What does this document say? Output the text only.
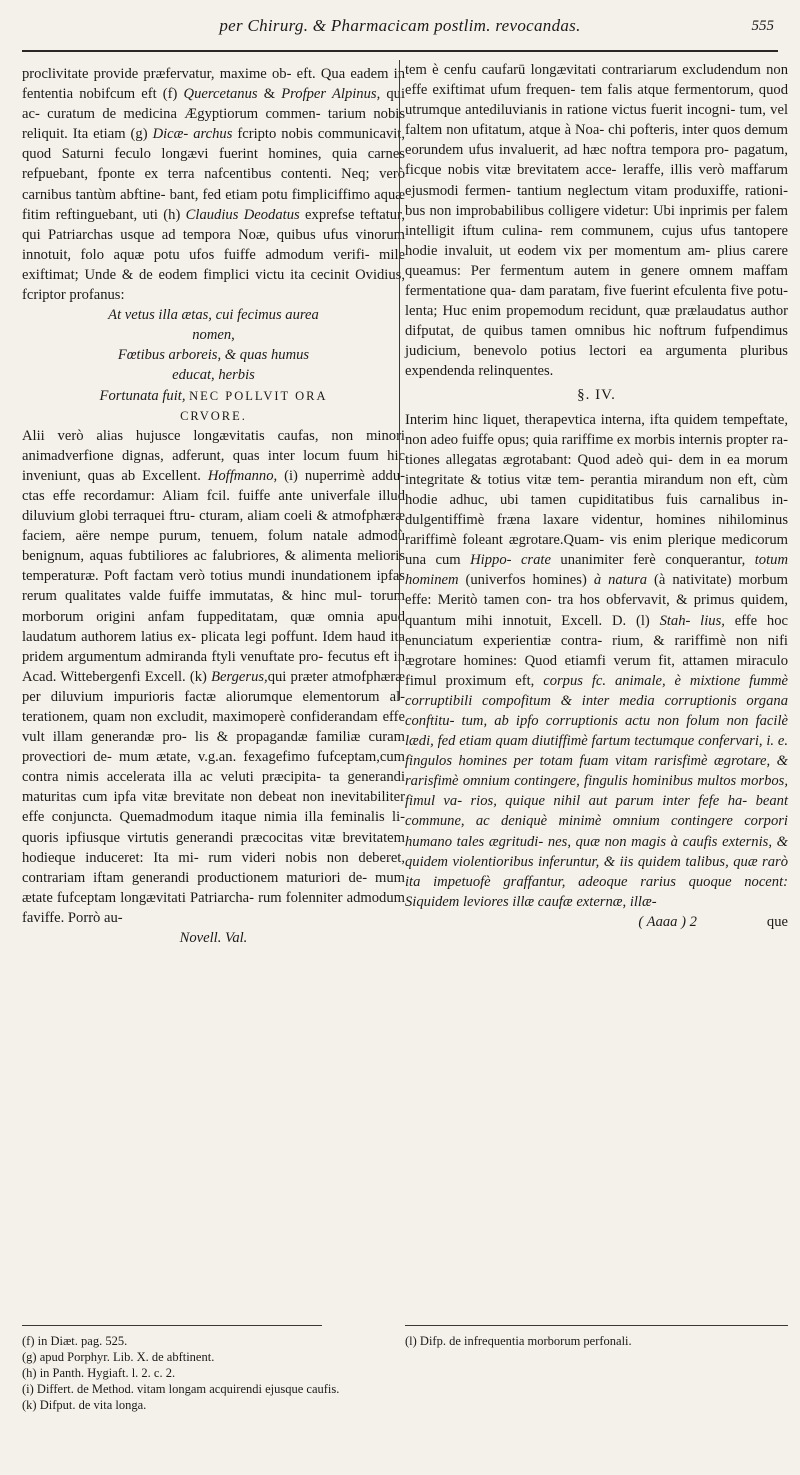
per Chirurg. & Pharmacicam postlim. revocandas.	555

proclivitate provide præfervatur, maxime ob- eft. Qua eadem in fententia nobifcum eft (f) Quercetanus & Profper Alpinus, qui ac- curatum de medicina Ægyptiorum commen- tarium nobis reliquit. Ita etiam (g) Dicæ- archus fcripto nobis communicavit, quod Saturni feculo longævi fuerint homines, quia carnes refpuebant, fponte ex terra nafcentibus contenti. Neq; verò carnibus tantùm abftine- bant, fed etiam potu fimpliciffimo aquæ fitim reftinguebant, uti (h) Claudius Deodatus exprefse teftatur, qui Patriarchas usque ad tempora Noæ, quibus ufus vinorum innotuit, folo aquæ potu ufos fuiffe admodum verifi- mile exiftimat; Unde & de eodem fimplici victu ita cecinit Ovidius, fcriptor profanus:

At vetus illa ætas, cui fecimus aurea

nomen,

Fœtibus arboreis, & quas humus

educat, herbis

Fortunata fuit, NEC POLLVIT ORA

CRVORE.

Alii verò alias hujusce longævitatis caufas, non minori animadverfione dignas, adferunt, quas inter locum fuum hic inveniunt, quas ab Excellent. Hoffmanno, (i) nuperrimè addu- ctas effe recordamur: Aliam fcil. fuiffe ante univerfale illud diluvium globi terraquei ftru- cturam, aliam coeli & atmofphæræ faciem, aëre nempe purum, tenuem, folum natale admodù benignum, aquas fubtiliores ac falubriores, & alimenta melioris temperaturæ. Poft factam verò totius mundi inundationem ipfas rerum qualitates valde fuiffe immutatas, & hinc mul- torum morborum origini anfam fuppeditatam, quæ omnia apud laudatum authorem latius ex- plicata legi poffunt. Idem haud ita pridem argumentum admiranda ftyli venuftate pro- fecutus eft in Acad. Wittebergenfi Excell. (k) Bergerus,qui præter atmofphæræ per diluvium impurioris factæ aliorumque elementorum al- terationem, quam non excludit, maximoperè confiderandam effe vult illam generandæ pro- lis & propagandæ familiæ curam provectiori de- mum ætate, v.g.an. fexagefimo fufceptam,cum contra nimis accelerata illa ac veluti præcipita- ta generandi maturitas cum ipfa vitæ brevitate non debeat non inevitabiliter effe conjuncta. Quemadmodum itaque nimia illa feminalis li- quoris ipfiusque virtutis generandi præcocitas vitæ brevitatem hodieque induceret: Ita mi- rum videri nobis non deberet, contrariam iftam generandi productionem maturiori de- mum ætate fufceptam longævitati Patriarcha- rum folenniter admodum faviffe. Porrò au-

Novell. Val.

tem è cenfu caufarū longævitati contrariarum excludendum non effe exiftimat ufum frequen- tem falis atque fermentorum, quod utrumque antediluvianis in ratione victus fuerit incogni- tum, vel faltem non ufitatum, atque à Noa- chi pofteris, inter quos demum eorundem ufus invaluerit, ad hæc noftra tempora pro- pagatum, ficque nobis vitæ brevitatem acce- leraffe, illis verò maffarum ejusmodi fermen- tantium neglectum vitam produxiffe, rationi- bus non improbabilibus colligere videtur: Ubi inprimis per falem intelligit iftum culina- rem communem, cujus ufus tantopere hodie invaluit, ut eodem vix per momentum am- plius carere queamus: Per fermentum autem in genere omnem maffam fermentatione qua- dam paratam, five fuerint efculenta five potu- lenta; Huc enim propemodum recidunt, quæ prælaudatus author difputat, de quibus tamen omnibus hic noftrum fufpendimus judicium, benevolo potius lectori ea argumenta pluribus expendenda relinquentes.

§. IV.

Interim hinc liquet, therapevtica interna, ifta quidem tempeftate, non adeo fuiffe opus; quia rariffime ex morbis internis propter ra- tiones allegatas ægrotabant: Quod adeò qui- dem in ea morum integritate & totius vitæ tem- perantia mirandum non eft, cùm hodie adhuc, ubi tamen cupiditatibus fuis carnalibus in- dulgentiffimè fræna laxare videntur, homines nihilominus rariffimè foleant ægrotare.Quam- vis enim plerique medicorum una cum Hippo- crate unanimiter ferè conquerantur, totum hominem (univerfos homines) à natura (à nativitate) morbum effe: Meritò tamen con- tra hos obfervavit, & primus quidem, quantum mihi innotuit, Excell. D. (l) Stah- lius, effe hoc enunciatum experientiæ contra- rium, & rariffimè non nifi ægrotare homines: Quod etiamfi verum fit, attamen miraculo fimul proximum eft, corpus fc. animale, è mixtione fummè corruptibili compofitum & inter media corruptionis organa conftitu- tum, ab ipfo corruptionis actu non folum non facilè lædi, fed etiam quam diutiffimè fartum tectumque confervari, i. e. fingulos homines per totam fuam vitam rarisfimè ægrotare, & rarisfimè omnium contingere, fingulis hominibus multos morbos, fimul va- rios, quique nihil aut parum inter fefe ha- beant commune, ac deniquè minimè omnium contingere corpori humano tales ægritudi- nes, quæ non magis à caufis externis, & quidem violentioribus inferuntur, & iis quidem talibus, quæ rarò ita impetuofè graffantur, adeoque rarius quoque nocent: Siquidem leviores illæ caufæ externæ, illæ-

( Aaaa ) 2	que

(f) in Diæt. pag. 525.

(g) apud Porphyr. Lib. X. de abftinent.

(h) in Panth. Hygiaft. l. 2. c. 2.

(i) Differt. de Method. vitam longam acquirendi ejusque caufis.

(k) Difput. de vita longa.

(l) Difp. de infrequentia morborum perfonali.
